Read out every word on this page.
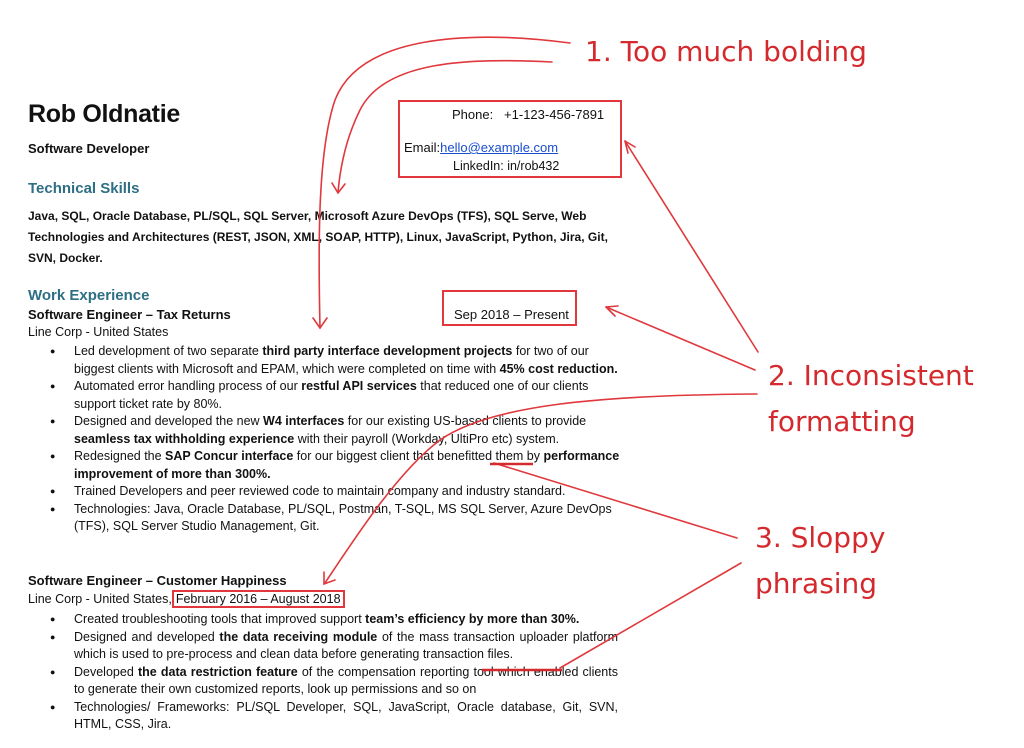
Rob Oldnatie
Software Developer
Phone: +1-123-456-7891
Email:hello@example.com
LinkedIn: in/rob432
Technical Skills
Java, SQL, Oracle Database, PL/SQL, SQL Server, Microsoft Azure DevOps (TFS), SQL Serve, Web Technologies and Architectures (REST, JSON, XML, SOAP, HTTP), Linux, JavaScript, Python, Jira, Git, SVN, Docker.
Work Experience
Software Engineer – Tax Returns	Sep 2018 – Present
Line Corp - United States
● Led development of two separate third party interface development projects for two of our biggest clients with Microsoft and EPAM, which were completed on time with 45% cost reduction.
● Automated error handling process of our restful API services that reduced one of our clients support ticket rate by 80%.
● Designed and developed the new W4 interfaces for our existing US-based clients to provide seamless tax withholding experience with their payroll (Workday, UltiPro etc) system.
● Redesigned the SAP Concur interface for our biggest client that benefitted them by performance improvement of more than 300%.
● Trained Developers and peer reviewed code to maintain company and industry standard.
● Technologies: Java, Oracle Database, PL/SQL, Postman, T-SQL, MS SQL Server, Azure DevOps (TFS), SQL Server Studio Management, Git.
Software Engineer – Customer Happiness
Line Corp - United States, February 2016 – August 2018
● Created troubleshooting tools that improved support team’s efficiency by more than 30%.
● Designed and developed the data receiving module of the mass transaction uploader platform which is used to pre-process and clean data before generating transaction files.
● Developed the data restriction feature of the compensation reporting tool which enabled clients to generate their own customized reports, look up permissions and so on
● Technologies/ Frameworks: PL/SQL Developer, SQL, JavaScript, Oracle database, Git, SVN, HTML, CSS, Jira.
1. Too much bolding
2. Inconsistent
formatting
3. Sloppy
phrasing
